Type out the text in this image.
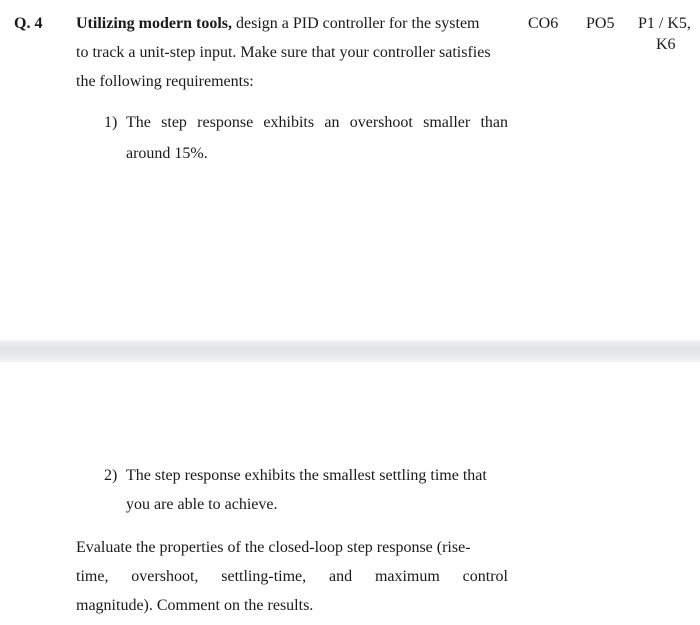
Q. 4 Utilizing modern tools, design a PID controller for the system	CO6 PO5 P1 / K5,
K6
to track a unit-step input. Make sure that your controller satisfies
the following requirements:
1) The step response exhibits an overshoot smaller than
around 15%.
2) The step response exhibits the smallest settling time that
you are able to achieve.
Evaluate the properties of the closed-loop step response (rise-
time, overshoot, settling-time, and maximum control
magnitude). Comment on the results.
